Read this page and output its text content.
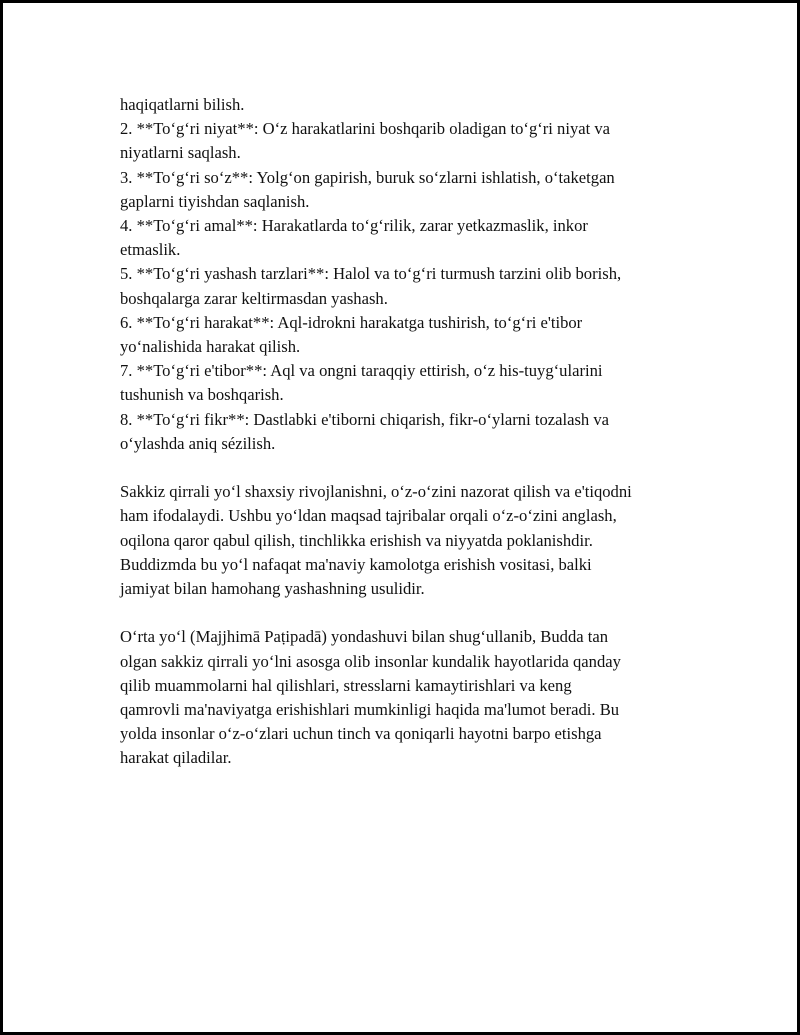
haqiqatlarni bilish.
2. **To‘g‘ri niyat**: O‘z harakatlarini boshqarib oladigan to‘g‘ri niyat va
niyatlarni saqlash.
3. **To‘g‘ri so‘z**: Yolg‘on gapirish, buruk so‘zlarni ishlatish, o‘taketgan
gaplarni tiyishdan saqlanish.
4. **To‘g‘ri amal**: Harakatlarda to‘g‘rilik, zarar yetkazmaslik, inkor
etmaslik.
5. **To‘g‘ri yashash tarzlari**: Halol va to‘g‘ri turmush tarzini olib borish,
boshqalarga zarar keltirmasdan yashash.
6. **To‘g‘ri harakat**: Aql-idrokni harakatga tushirish, to‘g‘ri e'tibor
yo‘nalishida harakat qilish.
7. **To‘g‘ri e'tibor**: Aql va ongni taraqqiy ettirish, o‘z his-tuyg‘ularini
tushunish va boshqarish.
8. **To‘g‘ri fikr**: Dastlabki e'tiborni chiqarish, fikr-o‘ylarni tozalash va
o‘ylashda aniq sézilish.
Sakkiz qirrali yo‘l shaxsiy rivojlanishni, o‘z-o‘zini nazorat qilish va e'tiqodni
ham ifodalaydi. Ushbu yo‘ldan maqsad tajribalar orqali o‘z-o‘zini anglash,
oqilona qaror qabul qilish, tinchlikka erishish va niyyatda poklanishdir.
Buddizmda bu yo‘l nafaqat ma'naviy kamolotga erishish vositasi, balki
jamiyat bilan hamohang yashashning usulidir.
O‘rta yo‘l (Majjhimā Paṭipadā) yondashuvi bilan shug‘ullanib, Budda tan
olgan sakkiz qirrali yo‘lni asosga olib insonlar kundalik hayotlarida qanday
qilib muammolarni hal qilishlari, stresslarni kamaytirishlari va keng
qamrovli ma'naviyatga erishishlari mumkinligi haqida ma'lumot beradi. Bu
yolda insonlar o‘z-o‘zlari uchun tinch va qoniqarli hayotni barpo etishga
harakat qiladilar.
